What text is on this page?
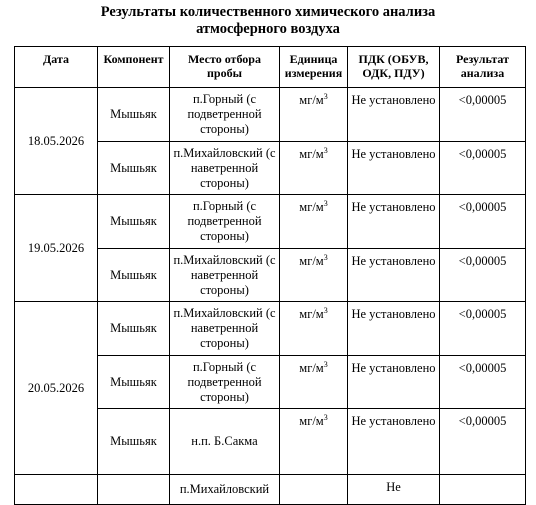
Результаты количественного химического анализа
атмосферного воздуха
Дата	Компонент	Место отбора пробы	Единица измерения	ПДК (ОБУВ, ОДК, ПДУ)	Результат анализа
18.05.2026	Мышьяк	п.Горный (с подветренной стороны)	$мг/м^3$	Не установлено	<0,00005
	Мышьяк	п.Михайловский (с наветренной стороны)	$мг/м^3$	Не установлено	<0,00005
19.05.2026	Мышьяк	п.Горный (с подветренной стороны)	$мг/м^3$	Не установлено	<0,00005
	Мышьяк	п.Михайловский (с наветренной стороны)	$мг/м^3$	Не установлено	<0,00005
20.05.2026	Мышьяк	п.Михайловский (с наветренной стороны)	$мг/м^3$	Не установлено	<0,00005
	Мышьяк	п.Горный (с подветренной стороны)	$мг/м^3$	Не установлено	<0,00005
	Мышьяк	н.п. Б.Сакма	$мг/м^3$	Не установлено	<0,00005
		п.Михайловский		Не	
